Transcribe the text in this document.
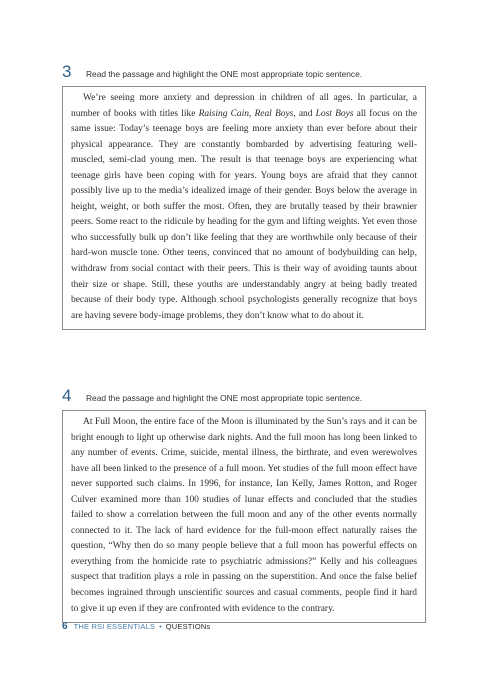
3	Read the passage and highlight the ONE most appropriate topic sentence.

We’re seeing more anxiety and depression in children of all ages. In particular, a number of books with titles like Raising Cain, Real Boys, and Lost Boys all focus on the same issue: Today’s teenage boys are feeling more anxiety than ever before about their physical appearance. They are constantly bombarded by advertising featuring well-muscled, semi-clad young men. The result is that teenage boys are experiencing what teenage girls have been coping with for years. Young boys are afraid that they cannot possibly live up to the media’s idealized image of their gender. Boys below the average in height, weight, or both suffer the most. Often, they are brutally teased by their brawnier peers. Some react to the ridicule by heading for the gym and lifting weights. Yet even those who successfully bulk up don’t like feeling that they are worthwhile only because of their hard-won muscle tone. Other teens, convinced that no amount of bodybuilding can help, withdraw from social contact with their peers. This is their way of avoiding taunts about their size or shape. Still, these youths are understandably angry at being badly treated because of their body type. Although school psychologists generally recognize that boys are having severe body-image problems, they don’t know what to do about it.

4	Read the passage and highlight the ONE most appropriate topic sentence.

At Full Moon, the entire face of the Moon is illuminated by the Sun’s rays and it can be bright enough to light up otherwise dark nights. And the full moon has long been linked to any number of events. Crime, suicide, mental illness, the birthrate, and even werewolves have all been linked to the presence of a full moon. Yet studies of the full moon effect have never supported such claims. In 1996, for instance, Ian Kelly, James Rotton, and Roger Culver examined more than 100 studies of lunar effects and concluded that the studies failed to show a correlation between the full moon and any of the other events normally connected to it. The lack of hard evidence for the full-moon effect naturally raises the question, “Why then do so many people believe that a full moon has powerful effects on everything from the homicide rate to psychiatric admissions?” Kelly and his colleagues suspect that tradition plays a role in passing on the superstition. And once the false belief becomes ingrained through unscientific sources and casual comments, people find it hard to give it up even if they are confronted with evidence to the contrary.

6 THE RSI ESSENTIALS • QUESTIONs
